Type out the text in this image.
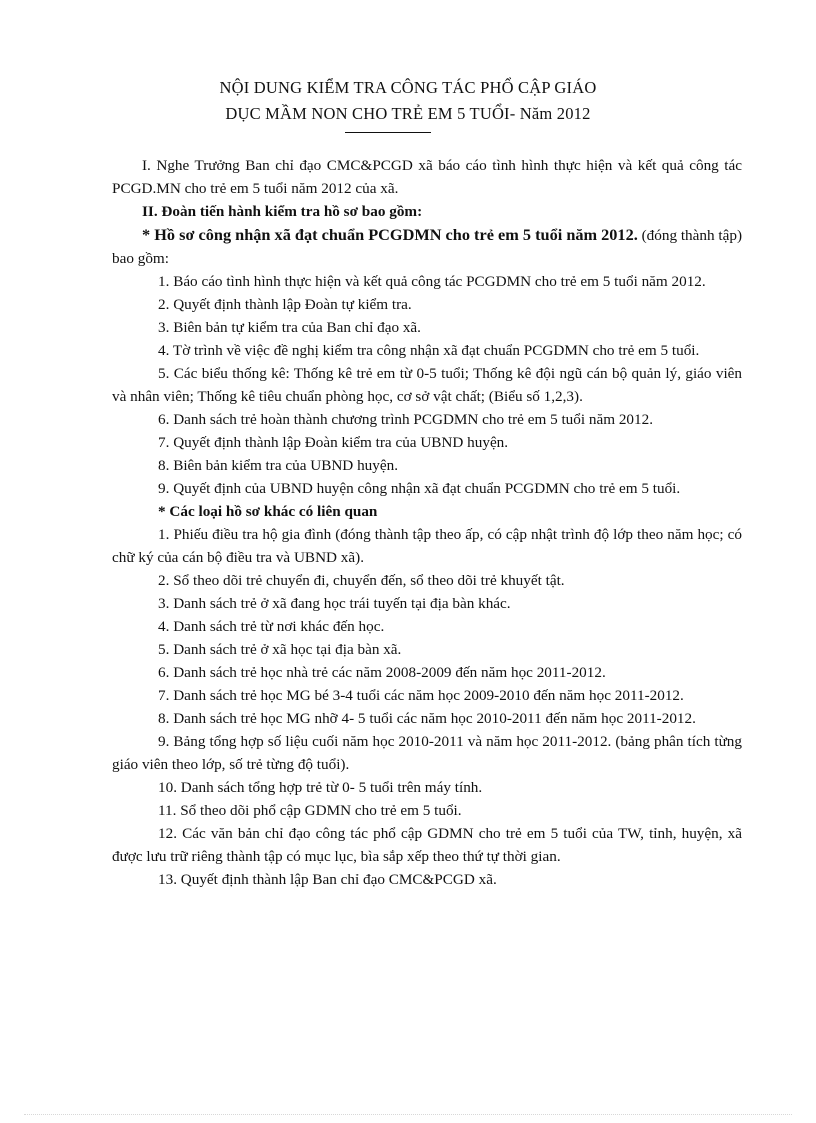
NỘI DUNG KIỂM TRA CÔNG TÁC PHỔ CẬP GIÁO
DỤC MẦM NON CHO TRẺ EM 5 TUỔI- Năm 2012

I. Nghe Trưởng Ban chỉ đạo CMC&PCGD xã báo cáo tình hình thực hiện và kết quả công tác PCGD.MN cho trẻ em 5 tuổi năm 2012 của xã.

II. Đoàn tiến hành kiểm tra hồ sơ bao gồm:

* Hồ sơ công nhận xã đạt chuẩn PCGDMN cho trẻ em 5 tuổi năm 2012. (đóng thành tập) bao gồm:

1. Báo cáo tình hình thực hiện và kết quả công tác PCGDMN cho trẻ em 5 tuổi năm 2012.

2. Quyết định thành lập Đoàn tự kiểm tra.

3. Biên bản tự kiểm tra của Ban chỉ đạo xã.

4. Tờ trình về việc đề nghị kiểm tra công nhận xã đạt chuẩn PCGDMN cho trẻ em 5 tuổi.

5. Các biểu thống kê: Thống kê trẻ em từ 0-5 tuổi; Thống kê đội ngũ cán bộ quản lý, giáo viên và nhân viên; Thống kê tiêu chuẩn phòng học, cơ sở vật chất; (Biểu số 1,2,3).

6. Danh sách trẻ hoàn thành chương trình PCGDMN cho trẻ em 5 tuổi năm 2012.

7. Quyết định thành lập Đoàn kiểm tra của UBND huyện.

8. Biên bản kiểm tra của UBND huyện.

9. Quyết định của UBND huyện công nhận xã đạt chuẩn PCGDMN cho trẻ em 5 tuổi.

* Các loại hồ sơ khác có liên quan

1. Phiếu điều tra hộ gia đình (đóng thành tập theo ấp, có cập nhật trình độ lớp theo năm học; có chữ ký của cán bộ điều tra và UBND xã).

2. Sổ theo dõi trẻ chuyển đi, chuyển đến, sổ theo dõi trẻ khuyết tật.

3. Danh sách trẻ ở xã đang học trái tuyến tại địa bàn khác.

4. Danh sách trẻ từ nơi khác đến học.

5. Danh sách trẻ ở xã học tại địa bàn xã.

6. Danh sách trẻ học nhà trẻ các năm 2008-2009 đến năm học 2011-2012.

7. Danh sách trẻ học MG bé 3-4 tuổi các năm học 2009-2010 đến năm học 2011-2012.

8. Danh sách trẻ học MG nhỡ 4- 5 tuổi các năm học 2010-2011 đến năm học 2011-2012.

9. Bảng tổng hợp số liệu cuối năm học 2010-2011 và năm học 2011-2012. (bảng phân tích từng giáo viên theo lớp, số trẻ từng độ tuổi).

10. Danh sách tổng hợp trẻ từ 0- 5 tuổi trên máy tính.

11. Sổ theo dõi phổ cập GDMN cho trẻ em 5 tuổi.

12. Các văn bản chỉ đạo công tác phổ cập GDMN cho trẻ em 5 tuổi của TW, tỉnh, huyện, xã được lưu trữ riêng thành tập có mục lục, bìa sắp xếp theo thứ tự thời gian.

13. Quyết định thành lập Ban chỉ đạo CMC&PCGD xã.
